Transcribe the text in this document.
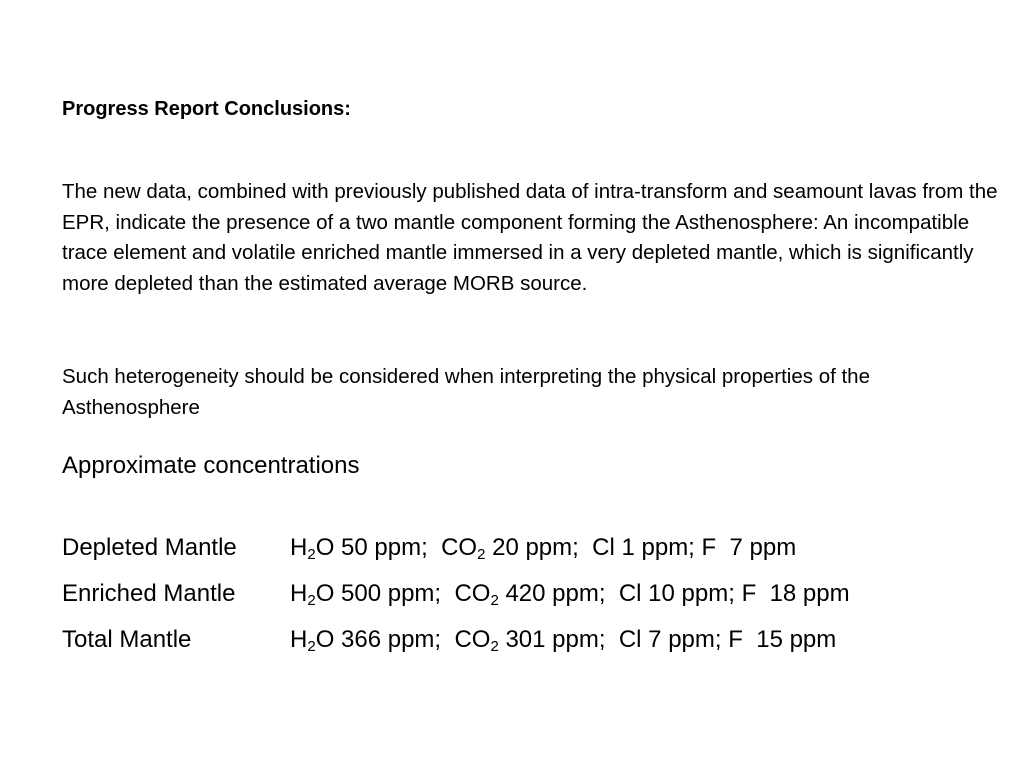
Progress Report Conclusions:
The new data, combined with previously published data of intra-transform and seamount lavas from the EPR, indicate the presence of a two mantle component forming the Asthenosphere: An incompatible trace element and volatile enriched mantle immersed in a very depleted mantle, which is significantly more depleted than the estimated average MORB source.
Such heterogeneity should be considered when interpreting the physical properties of the Asthenosphere
Approximate concentrations
Depleted Mantle $H_2O$ 50 ppm;  $CO_2$ 20 ppm;  Cl 1 ppm; F  7 ppm
Enriched Mantle $H_2O$ 500 ppm;  $CO_2$ 420 ppm;  Cl 10 ppm; F  18 ppm
Total Mantle	$H_2O$ 366 ppm;  $CO_2$ 301 ppm;  Cl 7 ppm; F  15 ppm
